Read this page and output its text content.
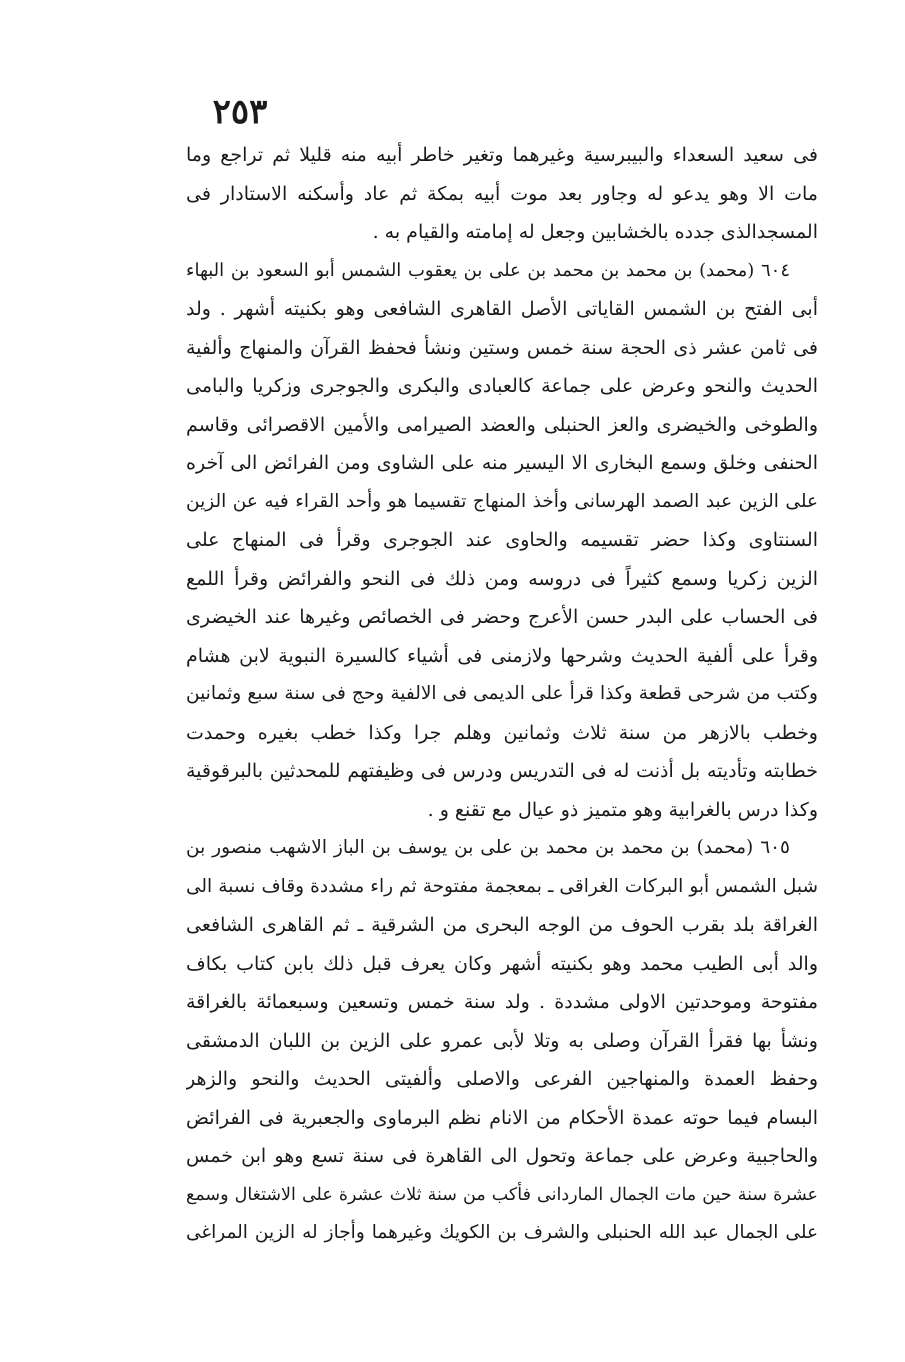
٢٥٣
فى سعيد السعداء والبيبرسية وغيرهما وتغير خاطر أبيه منه قليلا ثم تراجع وما
مات الا وهو يدعو له وجاور بعد موت أبيه بمكة ثم عاد وأسكنه الاستادار فى
المسجدالذى جدده بالخشابين وجعل له إمامته والقيام به .
٦٠٤ (محمد) بن محمد بن محمد بن على بن يعقوب الشمس أبو السعود بن البهاء
أبى الفتح بن الشمس القاياتى الأصل القاهرى الشافعى وهو بكنيته أشهر . ولد
فى ثامن عشر ذى الحجة سنة خمس وستين ونشأ فحفظ القرآن والمنهاج وألفية
الحديث والنحو وعرض على جماعة كالعبادى والبكرى والجوجرى وزكريا والبامى
والطوخى والخيضرى والعز الحنبلى والعضد الصيرامى والأمين الاقصرائى وقاسم
الحنفى وخلق وسمع البخارى الا اليسير منه على الشاوى ومن الفرائض الى آخره
على الزين عبد الصمد الهرسانى وأخذ المنهاج تقسيما هو وأحد القراء فيه عن الزين
السنتاوى وكذا حضر تقسيمه والحاوى عند الجوجرى وقرأ فى المنهاج على
الزين زكريا وسمع كثيراً فى دروسه ومن ذلك فى النحو والفرائض وقرأ اللمع
فى الحساب على البدر حسن الأعرج وحضر فى الخصائص وغيرها عند الخيضرى
وقرأ على ألفية الحديث وشرحها ولازمنى فى أشياء كالسيرة النبوية لابن هشام
وكتب من شرحى قطعة وكذا قرأ على الديمى فى الالفية وحج فى سنة سبع وثمانين
وخطب بالازهر من سنة ثلاث وثمانين وهلم جرا وكذا خطب بغيره وحمدت
خطابته وتأديته بل أذنت له فى التدريس ودرس فى وظيفتهم للمحدثين بالبرقوقية
وكذا درس بالغرابية وهو متميز ذو عيال مع تقنع و .
٦٠٥ (محمد) بن محمد بن محمد بن على بن يوسف بن الباز الاشهب منصور بن
شبل الشمس أبو البركات الغراقى ـ بمعجمة مفتوحة ثم راء مشددة وقاف نسبة الى
الغراقة بلد بقرب الحوف من الوجه البحرى من الشرقية ـ ثم القاهرى الشافعى
والد أبى الطيب محمد وهو بكنيته أشهر وكان يعرف قبل ذلك بابن كتاب بكاف
مفتوحة وموحدتين الاولى مشددة . ولد سنة خمس وتسعين وسبعمائة بالغراقة
ونشأ بها فقرأ القرآن وصلى به وتلا لأبى عمرو على الزين بن اللبان الدمشقى
وحفظ العمدة والمنهاجين الفرعى والاصلى وألفيتى الحديث والنحو والزهر
البسام فيما حوته عمدة الأحكام من الانام نظم البرماوى والجعبرية فى الفرائض
والحاجبية وعرض على جماعة وتحول الى القاهرة فى سنة تسع وهو ابن خمس
عشرة سنة حين مات الجمال الماردانى فأكب من سنة ثلاث عشرة على الاشتغال وسمع
على الجمال عبد الله الحنبلى والشرف بن الكويك وغيرهما وأجاز له الزين المراغى
